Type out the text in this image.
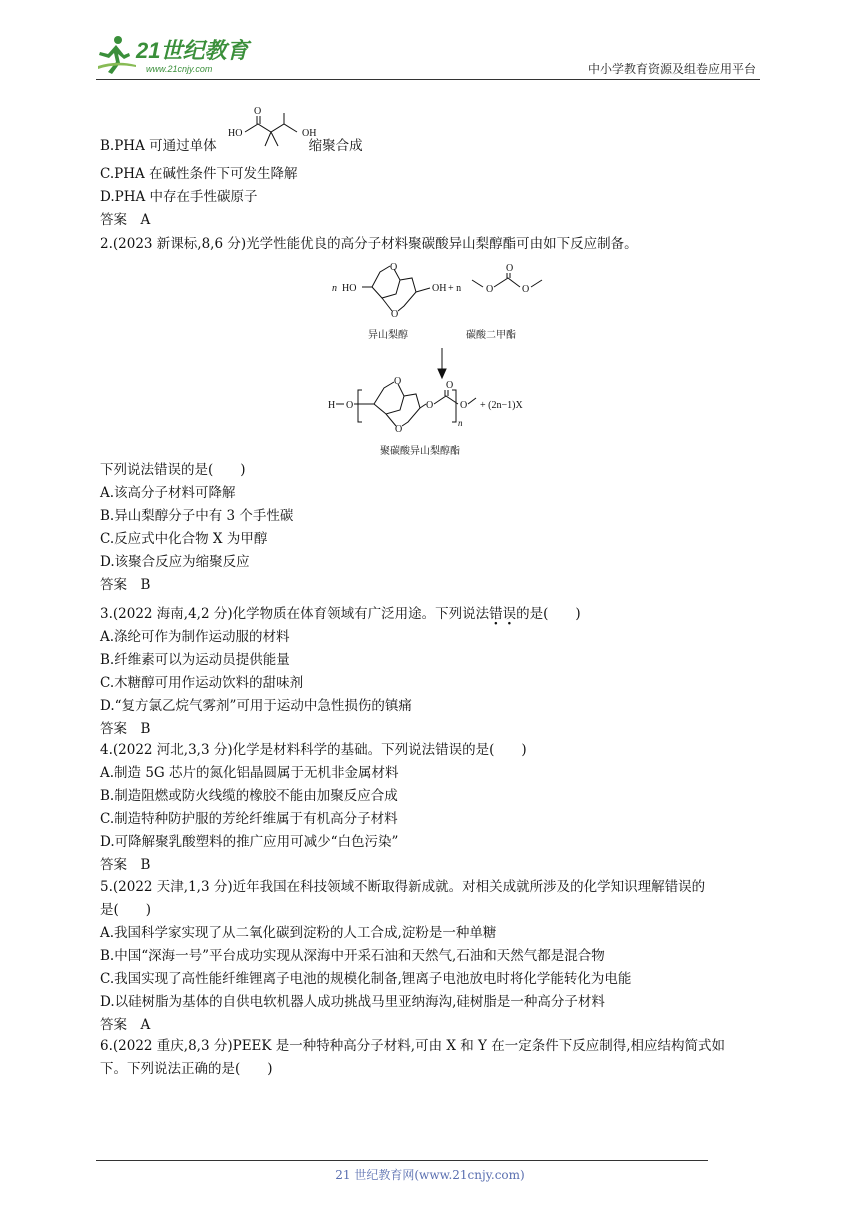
21世纪教育
www.21cnjy.com	中小学教育资源及组卷应用平台
B.PHA 可通过单体	缩聚合成
HO
O
OH
C.PHA 在碱性条件下可发生降解
D.PHA 中存在手性碳原子
答案　A
2.(2023 新课标,8,6 分)光学性能优良的高分子材料聚碳酸异山梨醇酯可由如下反应制备。
n HO
O
O
OH + n
O
O	O
异山梨醇	碳酸二甲酯
H O
O
O
O
O
O
n
+ (2n−1)X
聚碳酸异山梨醇酯
下列说法错误的是(　　)
A.该高分子材料可降解
B.异山梨醇分子中有 3 个手性碳
C.反应式中化合物 X 为甲醇
D.该聚合反应为缩聚反应
答案　B
3.(2022 海南,4,2 分)化学物质在体育领域有广泛用途。下列说法错误的是(　　)
A.涤纶可作为制作运动服的材料
B.纤维素可以为运动员提供能量
C.木糖醇可用作运动饮料的甜味剂
D.“复方氯乙烷气雾剂”可用于运动中急性损伤的镇痛
答案　B
4.(2022 河北,3,3 分)化学是材料科学的基础。下列说法错误的是(　　)
A.制造 5G 芯片的氮化铝晶圆属于无机非金属材料
B.制造阻燃或防火线缆的橡胶不能由加聚反应合成
C.制造特种防护服的芳纶纤维属于有机高分子材料
D.可降解聚乳酸塑料的推广应用可减少“白色污染”
答案　B
5.(2022 天津,1,3 分)近年我国在科技领域不断取得新成就。对相关成就所涉及的化学知识理解错误的
是(　　)
A.我国科学家实现了从二氧化碳到淀粉的人工合成,淀粉是一种单糖
B.中国“深海一号”平台成功实现从深海中开采石油和天然气,石油和天然气都是混合物
C.我国实现了高性能纤维锂离子电池的规模化制备,锂离子电池放电时将化学能转化为电能
D.以硅树脂为基体的自供电软机器人成功挑战马里亚纳海沟,硅树脂是一种高分子材料
答案　A
6.(2022 重庆,8,3 分)PEEK 是一种特种高分子材料,可由 X 和 Y 在一定条件下反应制得,相应结构简式如
下。下列说法正确的是(　　)
21 世纪教育网(www.21cnjy.com)
